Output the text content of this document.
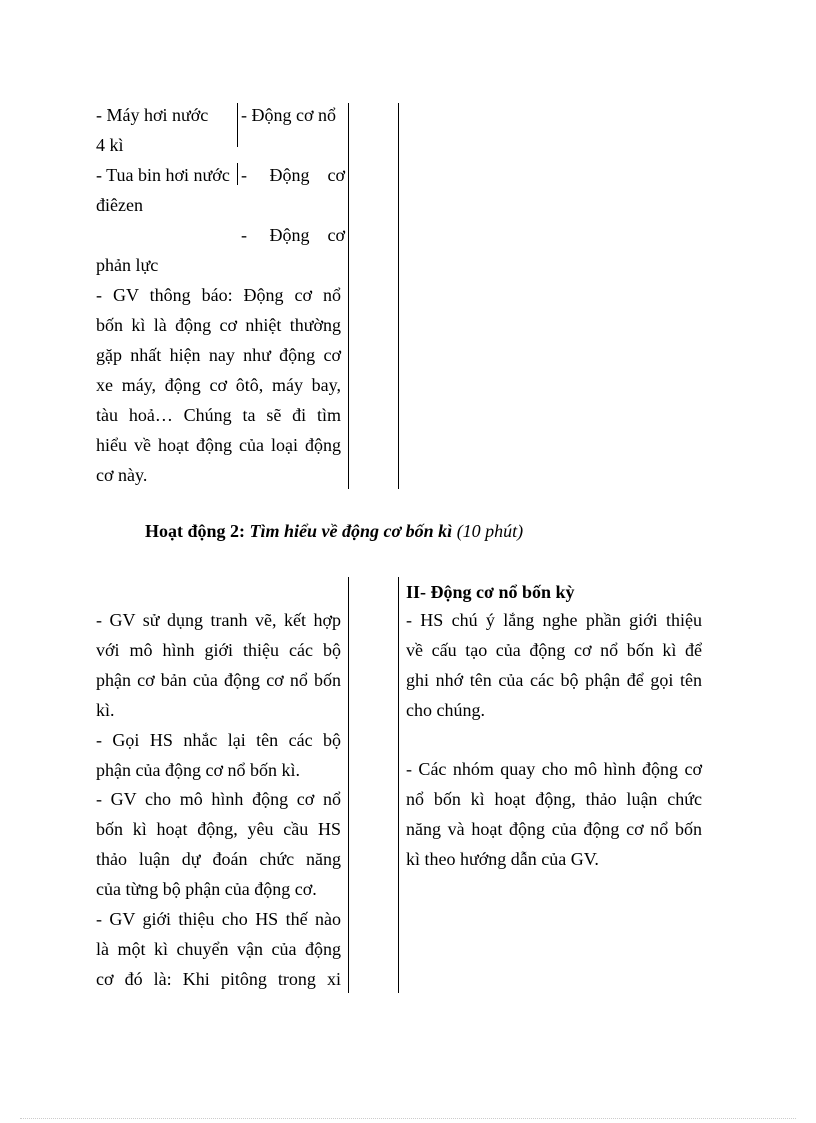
- Máy hơi nước
4 kì
- Tua bin hơi nước
điêzen
phản lực
- GV thông báo: Động cơ nổ
bốn kì là động cơ nhiệt thường
gặp nhất hiện nay như động cơ
xe máy, động cơ ôtô, máy bay,
tàu hoả… Chúng ta sẽ đi tìm
hiểu về hoạt động của loại động
cơ này.
- Động cơ nổ
-     Động    cơ
-     Động    cơ
Hoạt động 2: Tìm hiểu về động cơ bốn kì (10 phút)
- GV sử dụng tranh vẽ, kết hợp
với mô hình giới thiệu các bộ
phận cơ bản của động cơ nổ bốn
kì.
- Gọi HS nhắc lại tên các bộ
phận của động cơ nổ bốn kì.
- GV cho mô hình động cơ nổ
bốn kì hoạt động, yêu cầu HS
thảo luận dự đoán chức năng
của từng bộ phận của động cơ.
- GV giới thiệu cho HS thế nào
là một kì chuyển vận của động
cơ đó là: Khi pitông trong xi
II- Động cơ nổ bốn kỳ
- HS chú ý lắng nghe phần giới thiệu
về cấu tạo của động cơ nổ bốn kì để
ghi nhớ tên của các bộ phận để gọi tên
cho chúng.
- Các nhóm quay cho mô hình động cơ
nổ bốn kì hoạt động, thảo luận chức
năng và hoạt động của động cơ nổ bốn
kì theo hướng dẫn của GV.
